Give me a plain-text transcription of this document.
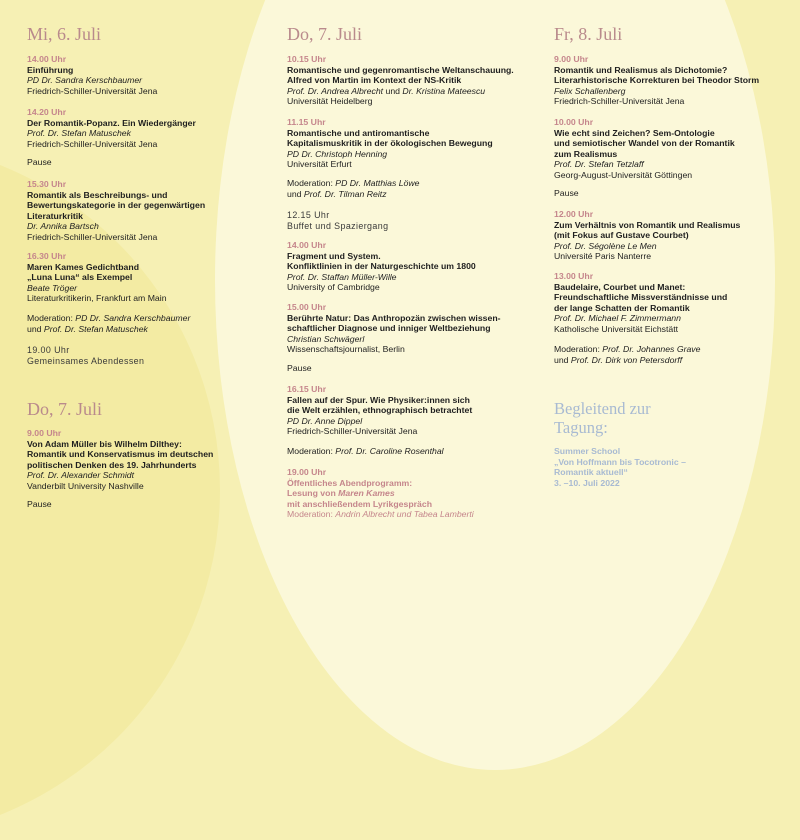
Mi, 6. Juli
14.00 Uhr
Einführung
PD Dr. Sandra Kerschbaumer
Friedrich-Schiller-Universität Jena
14.20 Uhr
Der Romantik-Popanz. Ein Wiedergänger
Prof. Dr. Stefan Matuschek
Friedrich-Schiller-Universität Jena
Pause
15.30 Uhr
Romantik als Beschreibungs- und
Bewertungskategorie in der gegenwärtigen
Literaturkritik
Dr. Annika Bartsch
Friedrich-Schiller-Universität Jena
16.30 Uhr
Maren Kames Gedichtband
„Luna Luna“ als Exempel
Beate Tröger
Literaturkritikerin, Frankfurt am Main
Moderation: PD Dr. Sandra Kerschbaumer
und Prof. Dr. Stefan Matuschek
19.00 Uhr
Gemeinsames Abendessen
Do, 7. Juli
9.00 Uhr
Von Adam Müller bis Wilhelm Dilthey:
Romantik und Konservatismus im deutschen
politischen Denken des 19. Jahrhunderts
Prof. Dr. Alexander Schmidt
Vanderbilt University Nashville
Pause
Do, 7. Juli
10.15 Uhr
Romantische und gegenromantische Weltanschauung.
Alfred von Martin im Kontext der NS-Kritik
Prof. Dr. Andrea Albrecht und Dr. Kristina Mateescu
Universität Heidelberg
11.15 Uhr
Romantische und antiromantische
Kapitalismuskritik in der ökologischen Bewegung
PD Dr. Christoph Henning
Universität Erfurt
Moderation: PD Dr. Matthias Löwe
und Prof. Dr. Tilman Reitz
12.15 Uhr
Buffet und Spaziergang
14.00 Uhr
Fragment und System.
Konfliktlinien in der Naturgeschichte um 1800
Prof. Dr. Staffan Müller-Wille
University of Cambridge
15.00 Uhr
Berührte Natur: Das Anthropozän zwischen wissen-
schaftlicher Diagnose und inniger Weltbeziehung
Christian Schwägerl
Wissenschaftsjournalist, Berlin
Pause
16.15 Uhr
Fallen auf der Spur. Wie Physiker:innen sich
die Welt erzählen, ethnographisch betrachtet
PD Dr. Anne Dippel
Friedrich-Schiller-Universität Jena
Moderation: Prof. Dr. Caroline Rosenthal
19.00 Uhr
Öffentliches Abendprogramm:
Lesung von Maren Kames
mit anschließendem Lyrikgespräch
Moderation: Andrin Albrecht und Tabea Lamberti
Fr, 8. Juli
9.00 Uhr
Romantik und Realismus als Dichotomie?
Literarhistorische Korrekturen bei Theodor Storm
Felix Schallenberg
Friedrich-Schiller-Universität Jena
10.00 Uhr
Wie echt sind Zeichen? Sem-Ontologie
und semiotischer Wandel von der Romantik
zum Realismus
Prof. Dr. Stefan Tetzlaff
Georg-August-Universität Göttingen
Pause
12.00 Uhr
Zum Verhältnis von Romantik und Realismus
(mit Fokus auf Gustave Courbet)
Prof. Dr. Ségolène Le Men
Université Paris Nanterre
13.00 Uhr
Baudelaire, Courbet und Manet:
Freundschaftliche Missverständnisse und
der lange Schatten der Romantik
Prof. Dr. Michael F. Zimmermann
Katholische Universität Eichstätt
Moderation: Prof. Dr. Johannes Grave
und Prof. Dr. Dirk von Petersdorff
Begleitend zur
Tagung:
Summer School
„Von Hoffmann bis Tocotronic –
Romantik aktuell“
3. –10. Juli 2022
